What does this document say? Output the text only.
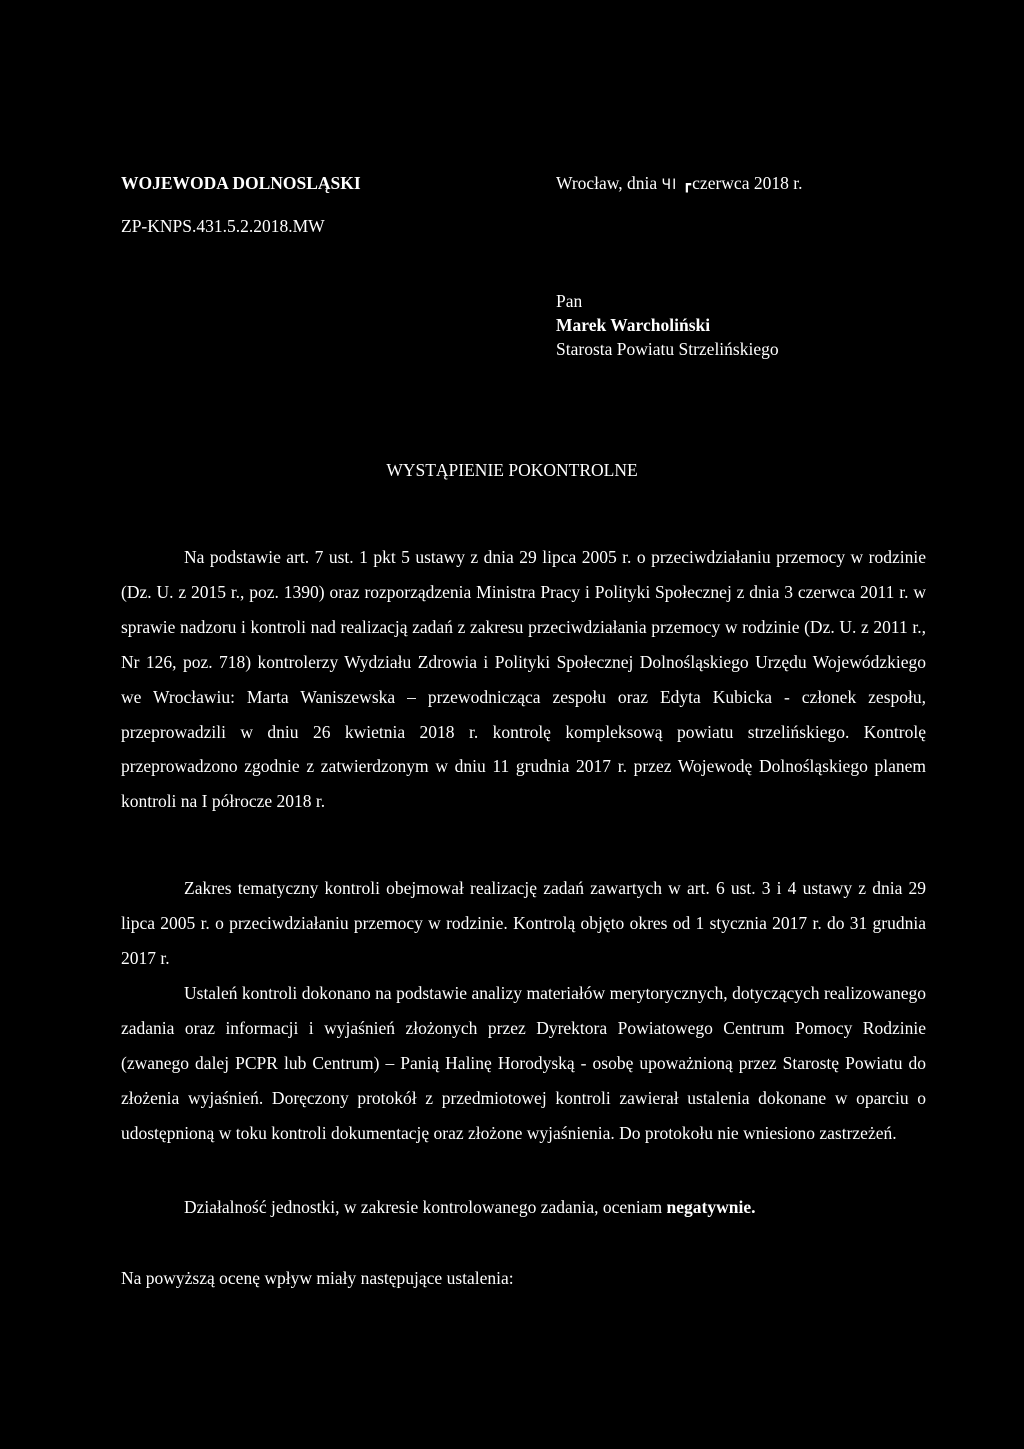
WOJEWODA DOLNOSLĄSKI	Wrocław, dnia ЧІ ┏czerwca 2018 r.
ZP-KNPS.431.5.2.2018.MW
Pan
Marek Warcholiński
Starosta Powiatu Strzelińskiego
WYSTĄPIENIE POKONTROLNE
Na podstawie art. 7 ust. 1 pkt 5 ustawy z dnia 29 lipca 2005 r. o przeciwdziałaniu przemocy w rodzinie (Dz. U. z 2015 r., poz. 1390) oraz rozporządzenia Ministra Pracy i Polityki Społecznej z dnia 3 czerwca 2011 r. w sprawie nadzoru i kontroli nad realizacją zadań z zakresu przeciwdziałania przemocy w rodzinie (Dz. U. z 2011 r., Nr 126, poz. 718) kontrolerzy Wydziału Zdrowia i Polityki Społecznej Dolnośląskiego Urzędu Wojewódzkiego we Wrocławiu: Marta Waniszewska – przewodnicząca zespołu oraz Edyta Kubicka - członek zespołu, przeprowadzili w dniu 26 kwietnia 2018 r. kontrolę kompleksową powiatu strzelińskiego. Kontrolę przeprowadzono zgodnie z zatwierdzonym w dniu 11 grudnia 2017 r. przez Wojewodę Dolnośląskiego planem kontroli na I półrocze 2018 r.
Zakres tematyczny kontroli obejmował realizację zadań zawartych w art. 6 ust. 3 i 4 ustawy z dnia 29 lipca 2005 r. o przeciwdziałaniu przemocy w rodzinie. Kontrolą objęto okres od 1 stycznia 2017 r. do 31 grudnia 2017 r.
Ustaleń kontroli dokonano na podstawie analizy materiałów merytorycznych, dotyczących realizowanego zadania oraz informacji i wyjaśnień złożonych przez Dyrektora Powiatowego Centrum Pomocy Rodzinie (zwanego dalej PCPR lub Centrum) – Panią Halinę Horodyską - osobę upoważnioną przez Starostę Powiatu do złożenia wyjaśnień. Doręczony protokół z przedmiotowej kontroli zawierał ustalenia dokonane w oparciu o udostępnioną w toku kontroli dokumentację oraz złożone wyjaśnienia. Do protokołu nie wniesiono zastrzeżeń.
Działalność jednostki, w zakresie kontrolowanego zadania, oceniam negatywnie.
Na powyższą ocenę wpływ miały następujące ustalenia:
